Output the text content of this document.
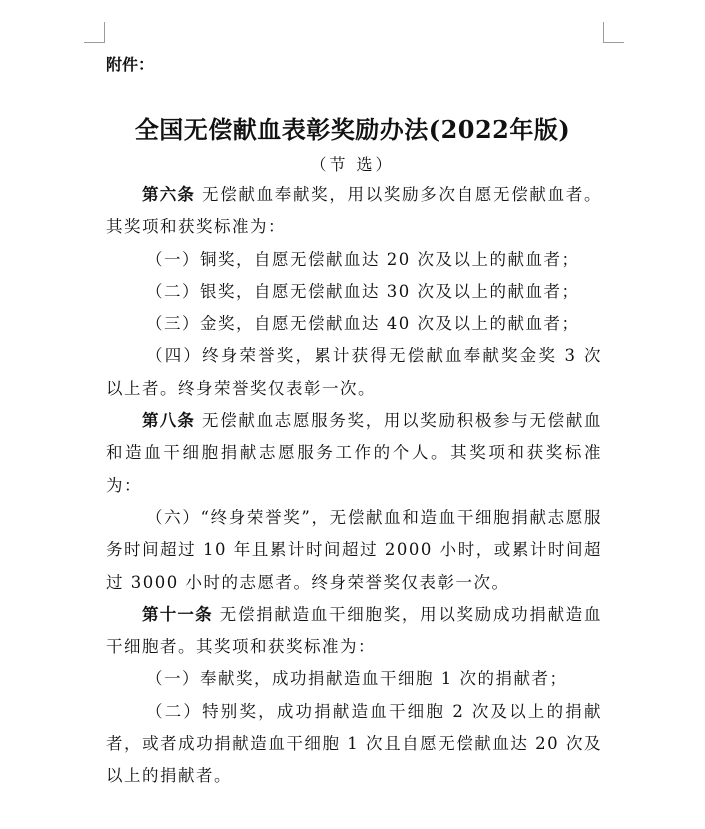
附件：
全国无偿献血表彰奖励办法(2022年版)
（节 选）

第六条 无偿献血奉献奖，用以奖励多次自愿无偿献血者。其奖项和获奖标准为：

（一）铜奖，自愿无偿献血达 20 次及以上的献血者；

（二）银奖，自愿无偿献血达 30 次及以上的献血者；

（三）金奖，自愿无偿献血达 40 次及以上的献血者；

（四）终身荣誉奖，累计获得无偿献血奉献奖金奖 3 次以上者。终身荣誉奖仅表彰一次。

第八条 无偿献血志愿服务奖，用以奖励积极参与无偿献血和造血干细胞捐献志愿服务工作的个人。其奖项和获奖标准为：

（六）“终身荣誉奖”，无偿献血和造血干细胞捐献志愿服务时间超过 10 年且累计时间超过 2000 小时，或累计时间超过 3000 小时的志愿者。终身荣誉奖仅表彰一次。

第十一条 无偿捐献造血干细胞奖，用以奖励成功捐献造血干细胞者。其奖项和获奖标准为：

（一）奉献奖，成功捐献造血干细胞 1 次的捐献者；

（二）特别奖，成功捐献造血干细胞 2 次及以上的捐献者，或者成功捐献造血干细胞 1 次且自愿无偿献血达 20 次及以上的捐献者。
